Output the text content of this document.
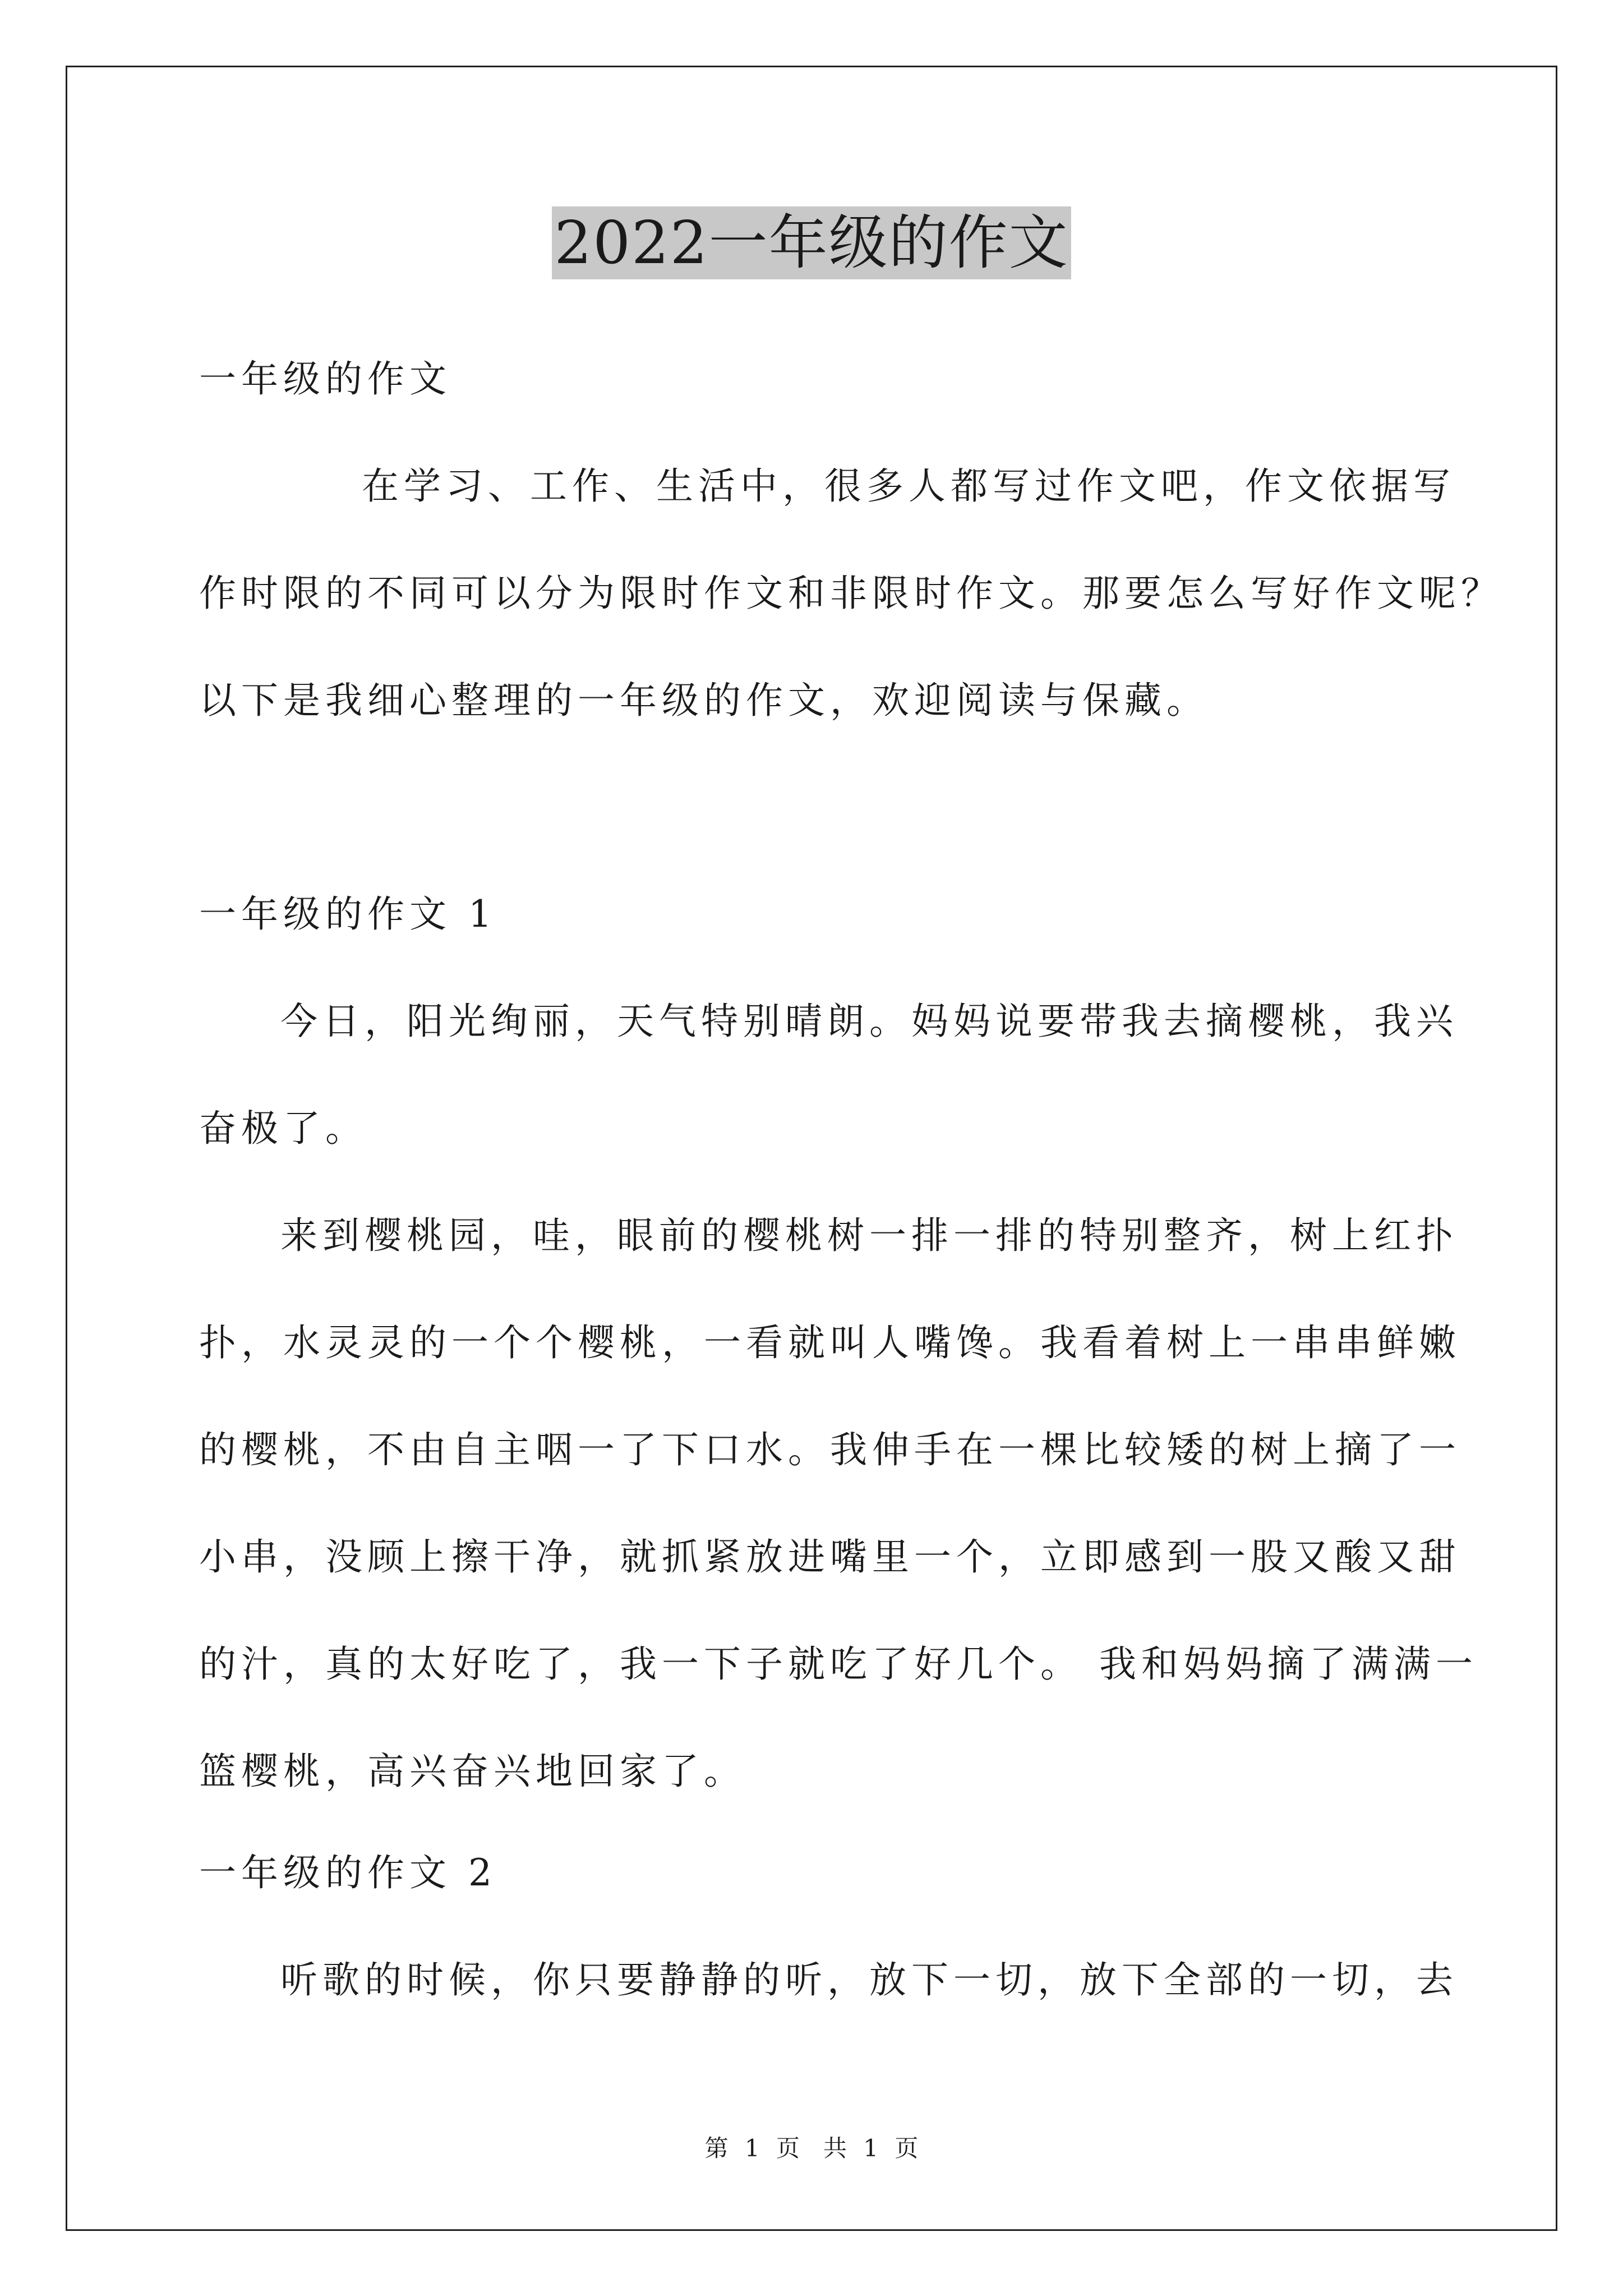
2022一年级的作文
一年级的作文
在学习、工作、生活中，很多人都写过作文吧，作文依据写
作时限的不同可以分为限时作文和非限时作文。那要怎么写好作文呢？
以下是我细心整理的一年级的作文，欢迎阅读与保藏。
一年级的作文 1
今日，阳光绚丽，天气特别晴朗。妈妈说要带我去摘樱桃，我兴
奋极了。
来到樱桃园，哇，眼前的樱桃树一排一排的特别整齐，树上红扑
扑，水灵灵的一个个樱桃，一看就叫人嘴馋。我看着树上一串串鲜嫩
的樱桃，不由自主咽一了下口水。我伸手在一棵比较矮的树上摘了一
小串，没顾上擦干净，就抓紧放进嘴里一个，立即感到一股又酸又甜
的汁，真的太好吃了，我一下子就吃了好几个。 我和妈妈摘了满满一
篮樱桃，高兴奋兴地回家了。
一年级的作文 2
听歌的时候，你只要静静的听，放下一切，放下全部的一切，去
第 1 页　共 1 页
